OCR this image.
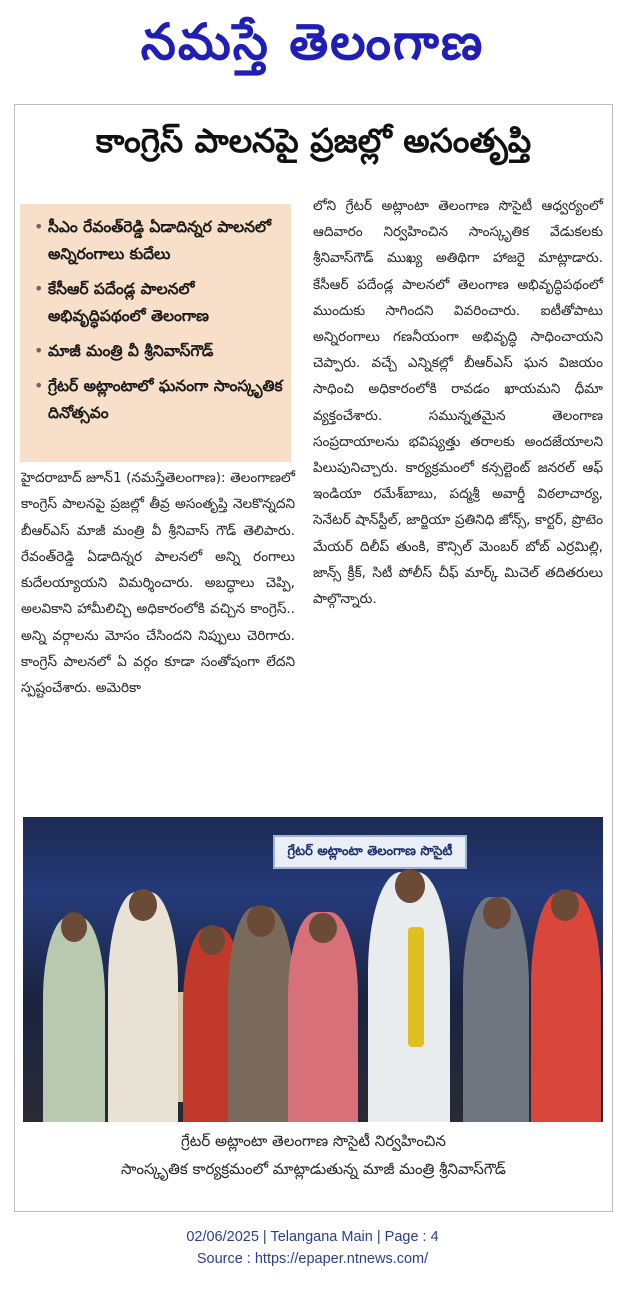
నమస్తే తెలంగాణ
కాంగ్రెస్ పాలనపై ప్రజల్లో అసంతృప్తి
• సీఎం రేవంత్‌రెడ్డి ఏడాదిన్నర పాలనలో అన్నిరంగాలు కుదేలు
• కేసీఆర్ పదేండ్ల పాలనలో అభివృద్ధిపథంలో తెలంగాణ
• మాజీ మంత్రి వీ శ్రీనివాస్‌గౌడ్
• గ్రేటర్ అట్లాంటాలో ఘనంగా సాంస్కృతిక దినోత్సవం
హైదరాబాద్ జూన్1 (నమస్తేతెలంగాణ): తెలంగాణలో కాంగ్రెస్ పాలనపై ప్రజల్లో తీవ్ర అసంతృప్తి నెలకొన్నదని బీఆర్ఎస్ మాజీ మంత్రి వీ శ్రీనివాస్ గౌడ్ తెలిపారు. రేవంత్‌రెడ్డి ఏడాదిన్నర పాలనలో అన్ని రంగాలు కుదేలయ్యాయని విమర్శించారు. అబద్ధాలు చెప్పి, అలవికాని హామీలిచ్చి అధికారంలోకి వచ్చిన కాంగ్రెస్.. అన్ని వర్గాలను మోసం చేసిందని నిప్పులు చెరిగారు. కాంగ్రెస్ పాలనలో ఏ వర్గం కూడా సంతోషంగా లేదని స్పష్టంచేశారు. అమెరికా
లోని గ్రేటర్ అట్లాంటా తెలంగాణ సొసైటీ ఆధ్వర్యంలో ఆదివారం నిర్వహించిన సాంస్కృతిక వేడుకలకు శ్రీనివాస్‌గౌడ్ ముఖ్య అతిథిగా హాజరై మాట్లాడారు. కేసీఆర్ పదేండ్ల పాలనలో తెలంగాణ అభివృద్ధిపథంలో ముందుకు సాగిందని వివరించారు. ఐటీతోపాటు అన్నిరంగాలు గణనీయంగా అభివృద్ధి సాధించాయని చెప్పారు. వచ్చే ఎన్నికల్లో బీఆర్ఎస్ ఘన విజయం సాధించి అధికారంలోకి రావడం ఖాయమని ధీమా వ్యక్తంచేశారు. సమున్నతమైన తెలంగాణ సంప్రదాయాలను భవిష్యత్తు తరాలకు అందజేయాలని పిలుపునిచ్చారు. కార్యక్రమంలో కన్సల్టెంట్ జనరల్ ఆఫ్ ఇండియా రమేశ్‌బాబు, పద్మశ్రీ అవార్డీ విఠలాచార్య, సెనేటర్ షాన్‌స్టీల్, జార్జియా ప్రతినిధి జోన్స్, కార్టర్, ప్రొటెం మేయర్ దిలీప్ తుంకి, కౌన్సిల్ మెంబర్ బోబ్ ఎర్రమిల్లి, జాన్స్ క్రీక్, సిటీ పోలీస్ చీఫ్ మార్క్ మిచెల్ తదితరులు పాల్గొన్నారు.
గ్రేటర్ అట్లాంటా తెలంగాణ సొసైటీ
గ్రేటర్ అట్లాంటా తెలంగాణ సొసైటీ నిర్వహించిన
సాంస్కృతిక కార్యక్రమంలో మాట్లాడుతున్న మాజీ మంత్రి శ్రీనివాస్‌గౌడ్
02/06/2025 | Telangana Main | Page : 4
Source : https://epaper.ntnews.com/
